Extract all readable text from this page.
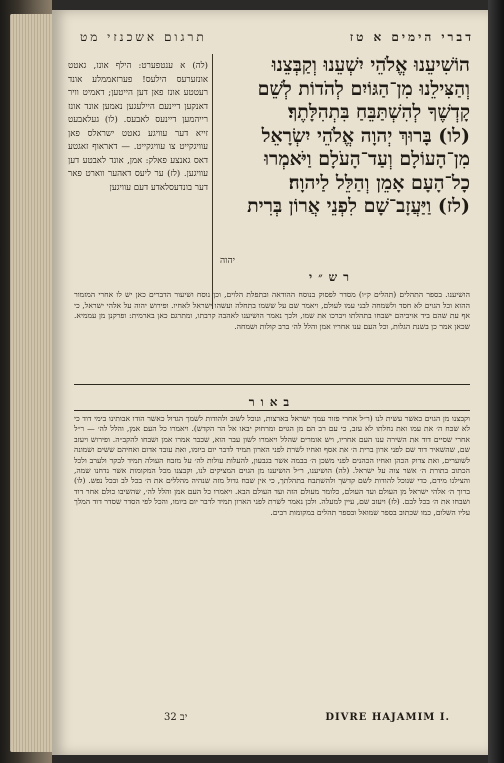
תרגום אשכנזי מט	דברי הימים א טז
(לה) א ענטפערט: הילף אונז, גאטט אונזערעס הילעס! פערזאממלע אונד רעטטע אונז פאן דען הייטען; דאמיט וויר דאנקען דיינעם היילעגען נאמען אונד אונז רייהמען דיינעס לאבעס. (לו) געלאבעט זייא דער עוויגע גאטט ישראלס פאן עוויגקייט צו עוויגקייט. — דאראוף זאגטע דאס גאנצע פאלק: אמן, אונד לאבטע דען עוויגען. (לז) ער ליעס דאהער ווארט פאר דער בונדעסלאדע דעם עוויגען

הוֹשִׁיעֵנוּ אֱלֹהֵי יִשְׁעֵנוּ וְקַבְּצֵנוּ

וְהַצִּילֵנוּ מִן־הַגּוֹיִם לְהֹדוֹת לְשֵׁם

קָדְשֶׁךָ לְהִשְׁתַּבֵּחַ בִּתְהִלָּתֶךָ׃

(לו) בָּרוּךְ יְהוָה אֱלֹהֵי יִשְׂרָאֵל

מִן־הָעוֹלָם וְעַד־הָעֹלָם וַיֹּאמְרוּ

כָל־הָעָם אָמֵן וְהַלֵּל לַיהוָה׃

(לז) וַיַּעֲזָב־שָׁם לִפְנֵי אֲרוֹן בְּרִית

יהוה
רש״י
הושיענו. בספר התהלים (תהלים ק״ו) מסדר לפסוק בנוסח ההודאה ובתפלת הלוים, וכן נוסח ושיעור הדברים כאן יש לו אחרי המזמור ההוא וכל הגוים לא חסד ולשמחה לבני עמו לעולם, ויאמר שם על ששמו בתחלה ועשהו ישראל לאחיו. ופירוש יהוה על אלהי ישראל, כי אף עת שהם ביד אויביהם ישבחו בתהלתו ויברכו את שמו, ולכך נאמר הושיענו לאהבה קרבתו, ומתרגם כאן בארמית: ופרקנן מן עממיא. שכאן אמר כן בשנת הגלות, וכל העם ענו אחריו אמן והלל לה׳ ברב קולות ושמחה.
באור
וקבצנו מן הגוים כאשר עשית לנו (ר״ל אחרי פזור עמך ישראל בארצות, ונוכל לשוב ולהודות לשמך הגדול כאשר הודו אבותינו בימי דוד כי לא שכח ה׳ את עמו ואת נחלתו לא עזב, כי עם רב הם מן הגוים ומרחוק יבאו אל הר הקדש). ויאמרו כל העם אמן, והלל לה׳ — ר״ל אחרי שסיים דוד את השירה ענו העם אחריו, ויש אומרים שהלל ויאמרו לשון עבר הוא, שכבר אמרו אמן ושבחו להקב״ה. ופירוש ויעזב שם, שהשאיר דוד שם לפני ארון ברית ה׳ את אסף ואחיו לשרת לפני הארון תמיד לדבר יום ביומו, ואת עובד אדום ואחיהם ששים ושמונה לשוערים, ואת צדוק הכהן ואחיו הכהנים לפני משכן ה׳ בבמה אשר בגבעון, להעלות עולות לה׳ על מזבח העולה תמיד לבקר ולערב ולכל הכתוב בתורת ה׳ אשר צוה על ישראל. (לה) הושיענו, ר״ל הושיענו מן הגוים המציקים לנו, וקבצנו מכל המקומות אשר נדחנו שמה, והצילנו מידם, כדי שנוכל להודות לשם קדשך ולהשתבח בתהלתך, כי אין שבח גדול מזה שנהיה מהללים את ה׳ בכל לב ובכל נפש. (לו) ברוך ה׳ אלהי ישראל מן העולם ועד העולם, כלומר מעולם הזה ועד העולם הבא. ויאמרו כל העם אמן והלל לה׳, שהשיבו כולם אחר דוד ושבחו את ה׳ בכל לבם. (לז) ויעזב שם, עיין למעלה. ולכן נאמר לשרת לפני הארון תמיד לדבר יום ביומו, והכל לפי הסדר שסדר דוד המלך עליו השלום, כמו שכתוב בספר שמואל ובספר תהלים במקומות רבים.
יב 32	DIVRE HAJAMIM I.
